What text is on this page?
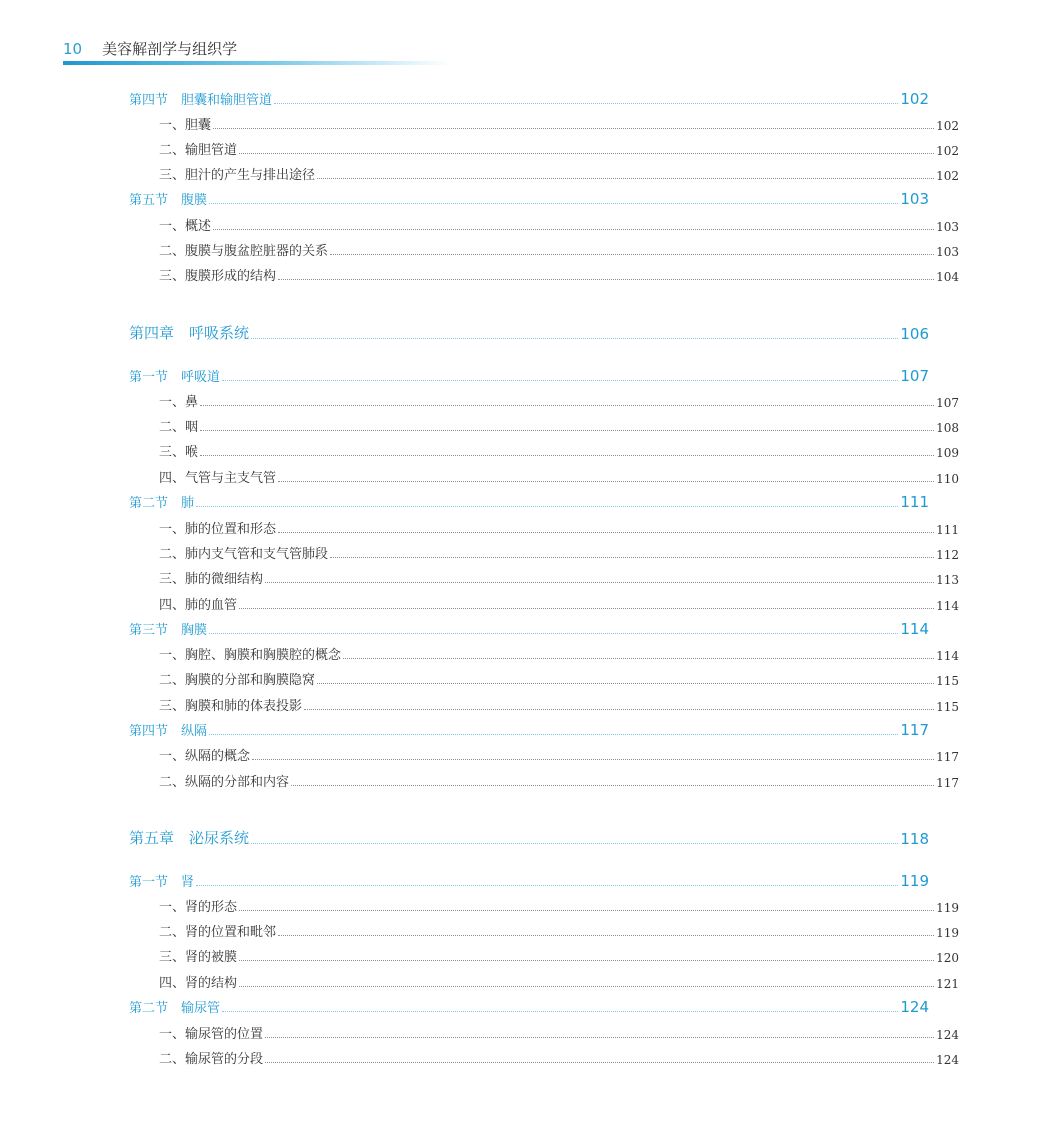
10 美容解剖学与组织学
第四节　胆囊和输胆管道	102
一、胆囊	102
二、输胆管道	102
三、胆汁的产生与排出途径	102
第五节　腹膜	103
一、概述	103
二、腹膜与腹盆腔脏器的关系	103
三、腹膜形成的结构	104
第四章　呼吸系统	106
第一节　呼吸道	107
一、鼻	107
二、咽	108
三、喉	109
四、气管与主支气管	110
第二节　肺	111
一、肺的位置和形态	111
二、肺内支气管和支气管肺段	112
三、肺的微细结构	113
四、肺的血管	114
第三节　胸膜	114
一、胸腔、胸膜和胸膜腔的概念	114
二、胸膜的分部和胸膜隐窝	115
三、胸膜和肺的体表投影	115
第四节　纵隔	117
一、纵隔的概念	117
二、纵隔的分部和内容	117
第五章　泌尿系统	118
第一节　肾	119
一、肾的形态	119
二、肾的位置和毗邻	119
三、肾的被膜	120
四、肾的结构	121
第二节　输尿管	124
一、输尿管的位置	124
二、输尿管的分段	124
